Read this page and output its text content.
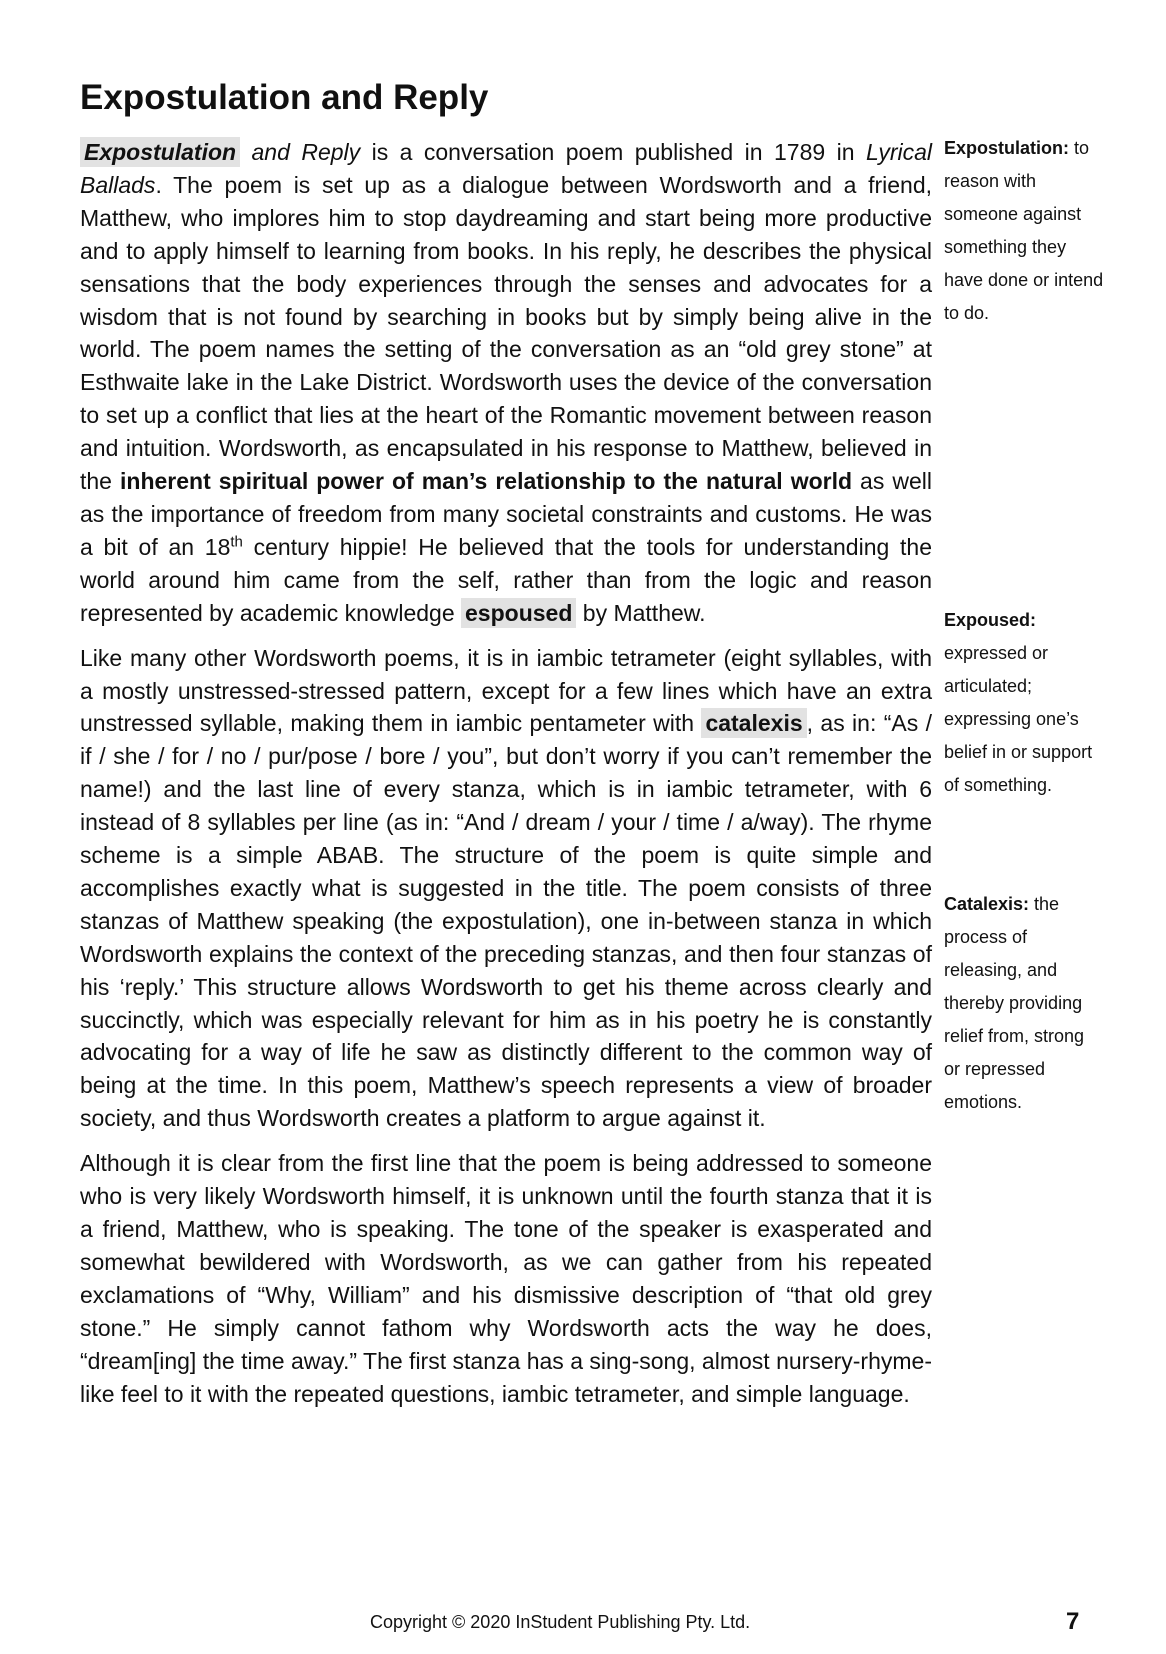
Expostulation and Reply

Expostulation and Reply is a conversation poem published in 1789 in Lyrical Ballads. The poem is set up as a dialogue between Wordsworth and a friend, Matthew, who implores him to stop daydreaming and start being more productive and to apply himself to learning from books. In his reply, he describes the physical sensations that the body experiences through the senses and advocates for a wisdom that is not found by searching in books but by simply being alive in the world. The poem names the setting of the conversation as an “old grey stone” at Esthwaite lake in the Lake District. Wordsworth uses the device of the conversation to set up a conflict that lies at the heart of the Romantic movement between reason and intuition. Wordsworth, as encapsulated in his response to Matthew, believed in the inherent spiritual power of man’s relationship to the natural world as well as the importance of freedom from many societal constraints and customs. He was a bit of an 18th century hippie! He believed that the tools for understanding the world around him came from the self, rather than from the logic and reason represented by academic knowledge espoused by Matthew.

Like many other Wordsworth poems, it is in iambic tetrameter (eight syllables, with a mostly unstressed-stressed pattern, except for a few lines which have an extra unstressed syllable, making them in iambic pentameter with catalexis , as in: “As / if / she / for / no / pur/pose / bore / you”, but don’t worry if you can’t remember the name!) and the last line of every stanza, which is in iambic tetrameter, with 6 instead of 8 syllables per line (as in: “And / dream / your / time / a/way). The rhyme scheme is a simple ABAB. The structure of the poem is quite simple and accomplishes exactly what is suggested in the title. The poem consists of three stanzas of Matthew speaking (the expostulation), one in-between stanza in which Wordsworth explains the context of the preceding stanzas, and then four stanzas of his ‘reply.’ This structure allows Wordsworth to get his theme across clearly and succinctly, which was especially relevant for him as in his poetry he is constantly advocating for a way of life he saw as distinctly different to the common way of being at the time. In this poem, Matthew’s speech represents a view of broader society, and thus Wordsworth creates a platform to argue against it.

Although it is clear from the first line that the poem is being addressed to someone who is very likely Wordsworth himself, it is unknown until the fourth stanza that it is a friend, Matthew, who is speaking. The tone of the speaker is exasperated and somewhat bewildered with Wordsworth, as we can gather from his repeated exclamations of “Why, William” and his dismissive description of “that old grey stone.” He simply cannot fathom why Wordsworth acts the way he does, “dream[ing] the time away.” The first stanza has a sing-song, almost nursery-rhyme-like feel to it with the repeated questions, iambic tetrameter, and simple language.

Expostulation: to reason with someone against something they have done or intend to do.
Expoused: expressed or articulated; expressing one’s belief in or support of something.
Catalexis: the process of releasing, and thereby providing relief from, strong or repressed emotions.
Copyright © 2020 InStudent Publishing Pty. Ltd.	7
